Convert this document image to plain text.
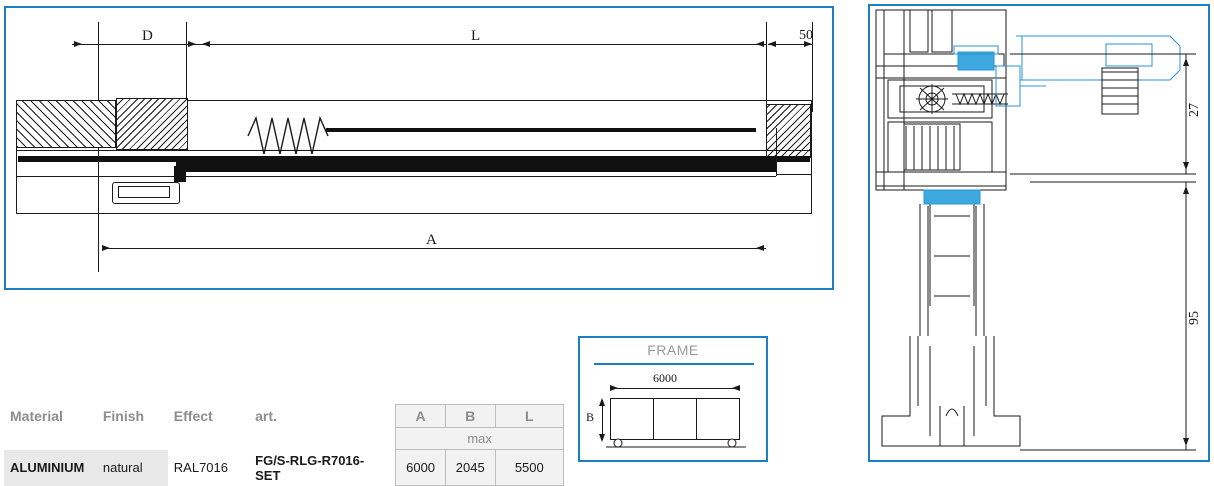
D	L	50
A
Material	Finish	Effect	art.	A	B	L
				max		
ALUMINIUM	natural	RAL7016	FG/S-RLG-R7016-SET	6000	2045	5500
FRAME
6000
B
27
95
